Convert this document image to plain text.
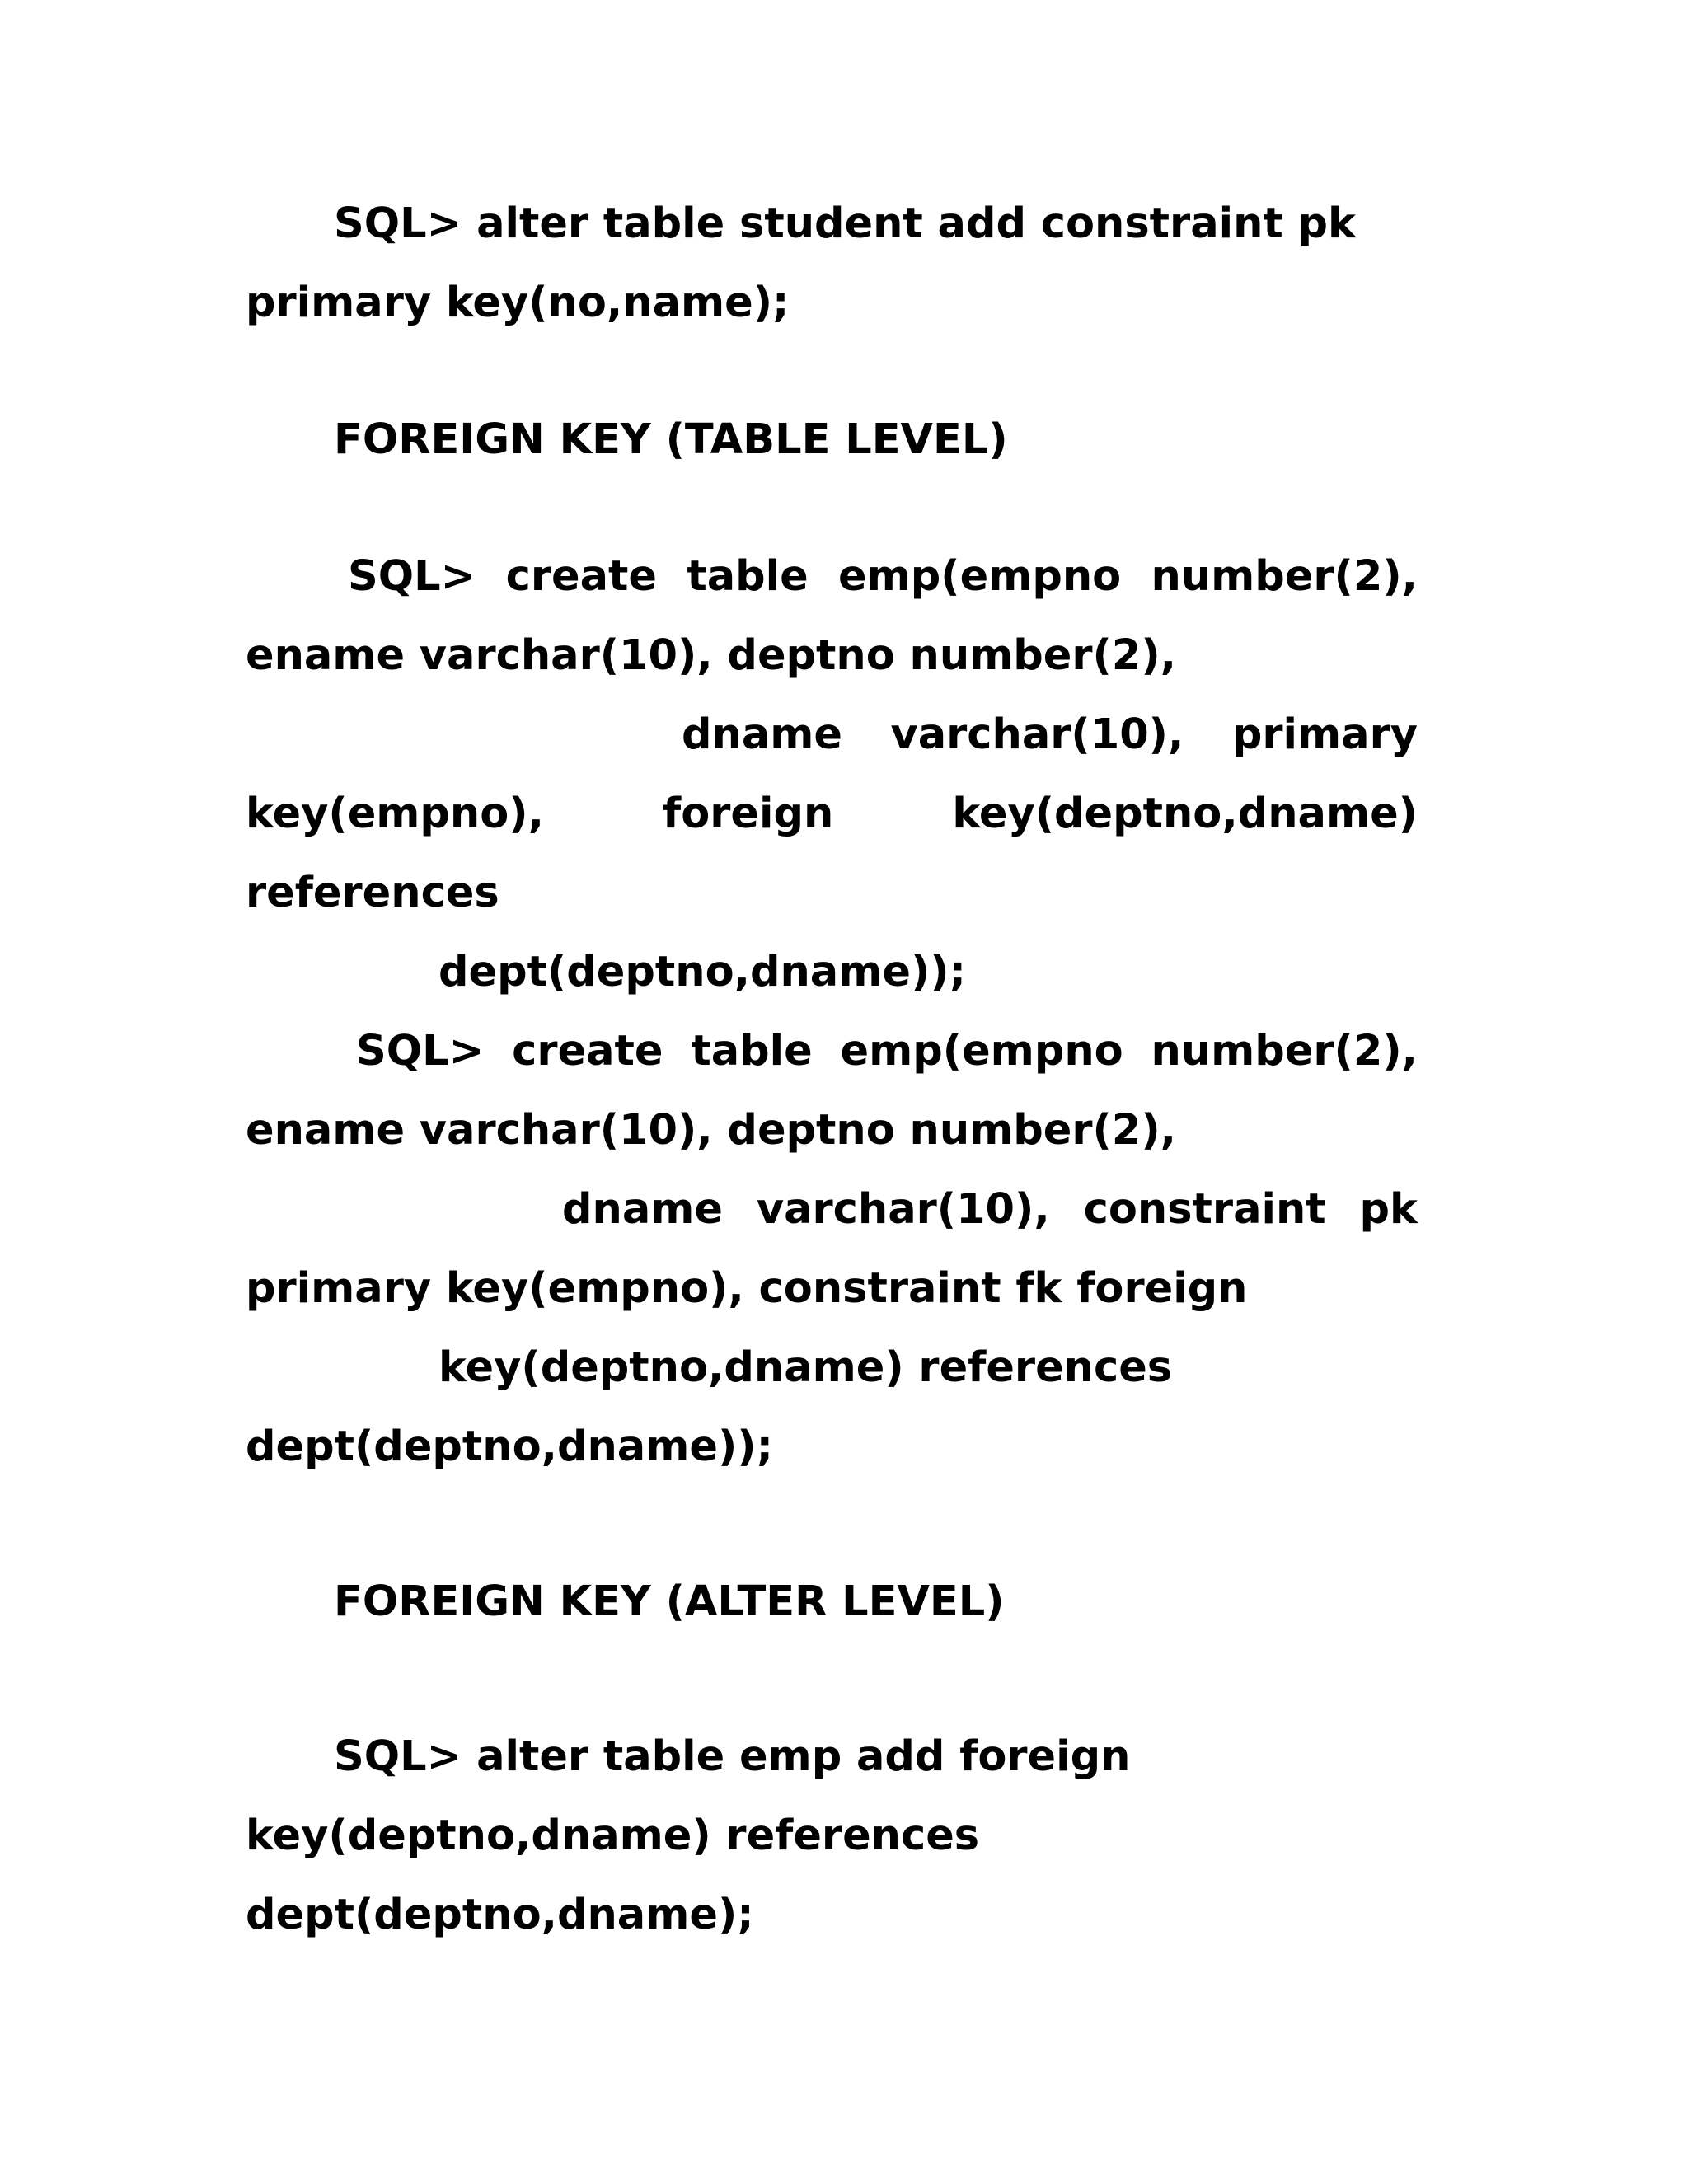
SQL> alter table student add constraint pk
primary key(no,name);
FOREIGN KEY (TABLE LEVEL)
SQL> create table emp(empno number(2),
ename varchar(10), deptno number(2),
dname varchar(10), primary
key(empno),	foreign	key(deptno,dname)
references
dept(deptno,dname));
SQL> create table emp(empno number(2),
ename varchar(10), deptno number(2),
dname varchar(10), constraint pk
primary key(empno), constraint fk foreign
key(deptno,dname) references
dept(deptno,dname));
FOREIGN KEY (ALTER LEVEL)
SQL> alter table emp add foreign
key(deptno,dname) references
dept(deptno,dname);
